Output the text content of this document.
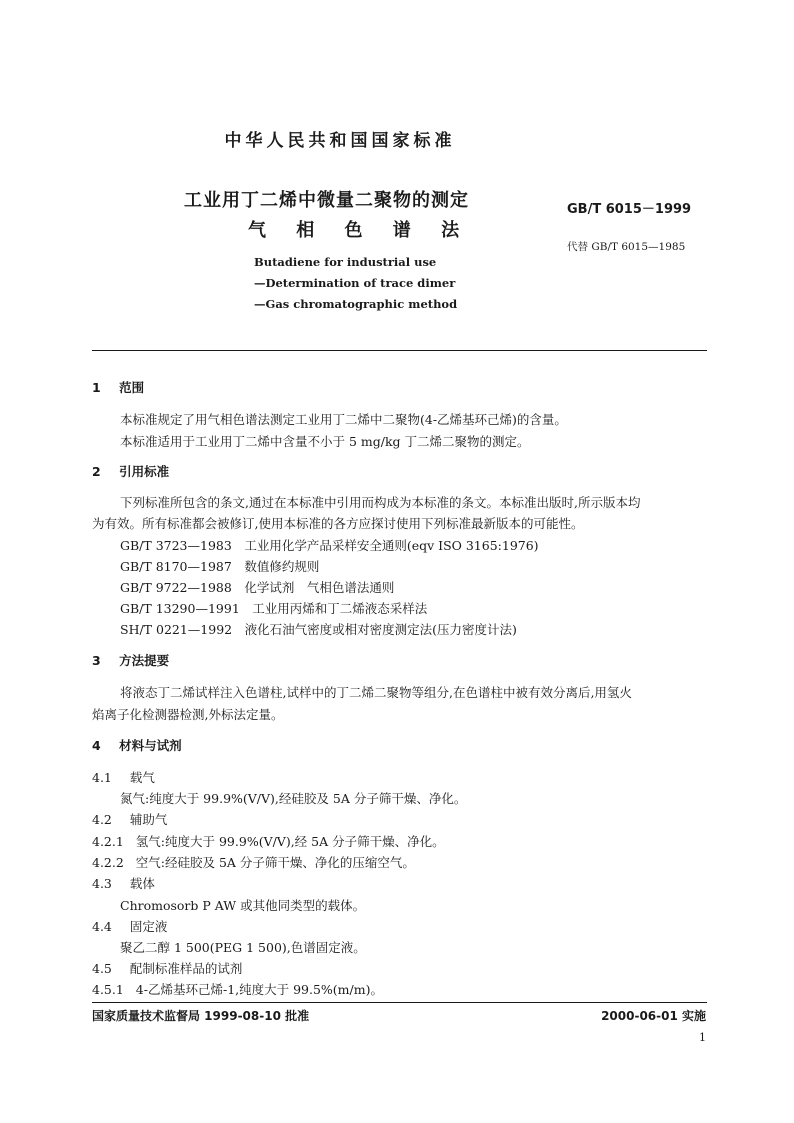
中华人民共和国国家标准
工业用丁二烯中微量二聚物的测定
气 相 色 谱 法
GB/T 6015－1999
代替 GB/T 6015—1985
Butadiene for industrial use
—Determination of trace dimer
—Gas chromatographic method
1 范围
本标准规定了用气相色谱法测定工业用丁二烯中二聚物(4-乙烯基环己烯)的含量。
本标准适用于工业用丁二烯中含量不小于 5 mg/kg 丁二烯二聚物的测定。
2 引用标准
下列标准所包含的条文,通过在本标准中引用而构成为本标准的条文。本标准出版时,所示版本均
为有效。所有标准都会被修订,使用本标准的各方应探讨使用下列标准最新版本的可能性。
GB/T 3723—1983　工业用化学产品采样安全通则(eqv ISO 3165:1976)
GB/T 8170—1987　数值修约规则
GB/T 9722—1988　化学试剂　气相色谱法通则
GB/T 13290—1991　工业用丙烯和丁二烯液态采样法
SH/T 0221—1992　液化石油气密度或相对密度测定法(压力密度计法)
3 方法提要
将液态丁二烯试样注入色谱柱,试样中的丁二烯二聚物等组分,在色谱柱中被有效分离后,用氢火
焰离子化检测器检测,外标法定量。
4 材料与试剂
4.1 载气
氮气:纯度大于 99.9%(V/V),经硅胶及 5A 分子筛干燥、净化。
4.2 辅助气
4.2.1 氢气:纯度大于 99.9%(V/V),经 5A 分子筛干燥、净化。
4.2.2 空气:经硅胶及 5A 分子筛干燥、净化的压缩空气。
4.3 载体
Chromosorb P AW 或其他同类型的载体。
4.4 固定液
聚乙二醇 1 500(PEG 1 500),色谱固定液。
4.5 配制标准样品的试剂
4.5.1 4-乙烯基环己烯-1,纯度大于 99.5%(m/m)。
国家质量技术监督局 1999-08-10 批准	2000-06-01 实施
1
